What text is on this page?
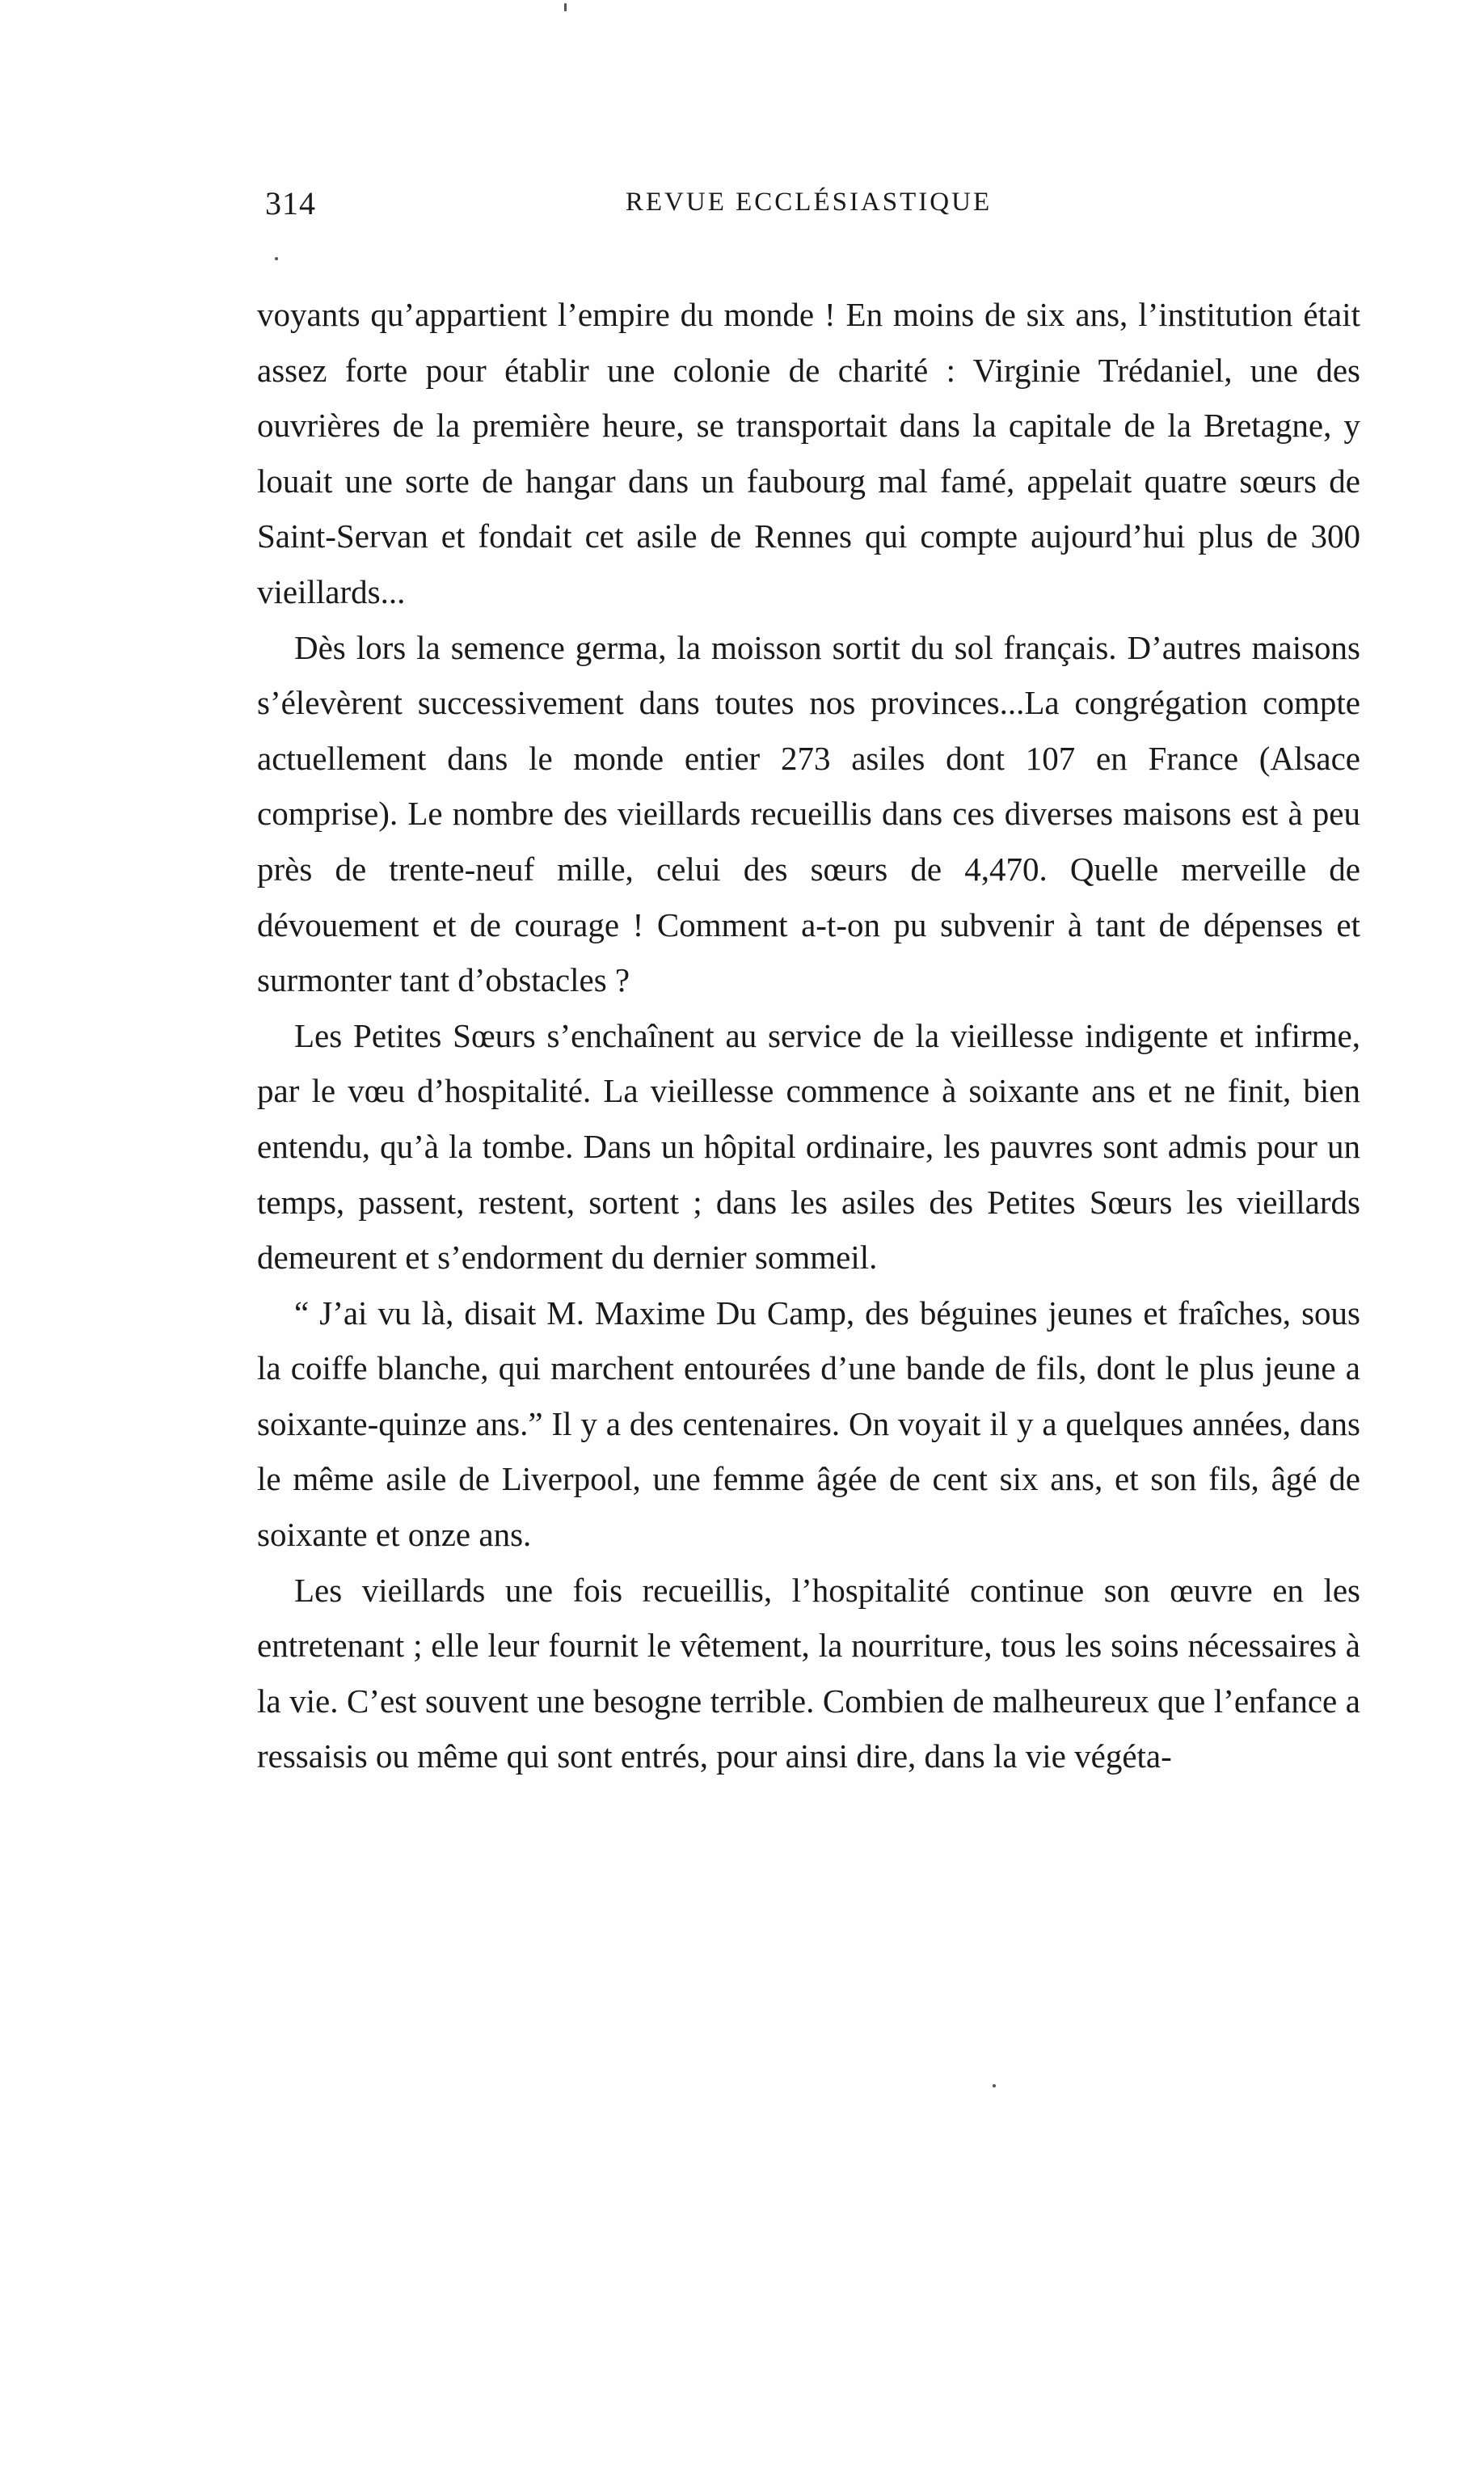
314	REVUE ECCLÉSIASTIQUE

voyants qu’appartient l’empire du monde ! En moins de six ans, l’institution était assez forte pour établir une colonie de charité : Virginie Trédaniel, une des ouvrières de la première heure, se transportait dans la capitale de la Bretagne, y louait une sorte de hangar dans un faubourg mal famé, appelait quatre sœurs de Saint-Servan et fondait cet asile de Rennes qui compte aujourd’hui plus de 300 vieillards...

Dès lors la semence germa, la moisson sortit du sol français. D’autres maisons s’élevèrent successivement dans toutes nos provinces...La congrégation compte actuellement dans le monde entier 273 asiles dont 107 en France (Alsace comprise). Le nombre des vieillards recueillis dans ces diverses maisons est à peu près de trente-neuf mille, celui des sœurs de 4,470. Quelle merveille de dévouement et de courage ! Comment a-t-on pu subvenir à tant de dépenses et surmonter tant d’obstacles ?

Les Petites Sœurs s’enchaînent au service de la vieillesse indigente et infirme, par le vœu d’hospitalité. La vieillesse commence à soixante ans et ne finit, bien entendu, qu’à la tombe. Dans un hôpital ordinaire, les pauvres sont admis pour un temps, passent, restent, sortent ; dans les asiles des Petites Sœurs les vieillards demeurent et s’endorment du dernier sommeil.

“ J’ai vu là, disait M. Maxime Du Camp, des béguines jeunes et fraîches, sous la coiffe blanche, qui marchent entourées d’une bande de fils, dont le plus jeune a soixante-quinze ans.” Il y a des centenaires. On voyait il y a quelques années, dans le même asile de Liverpool, une femme âgée de cent six ans, et son fils, âgé de soixante et onze ans.

Les vieillards une fois recueillis, l’hospitalité continue son œuvre en les entretenant ; elle leur fournit le vêtement, la nourriture, tous les soins nécessaires à la vie. C’est souvent une besogne terrible. Combien de malheureux que l’enfance a ressaisis ou même qui sont entrés, pour ainsi dire, dans la vie végéta-
